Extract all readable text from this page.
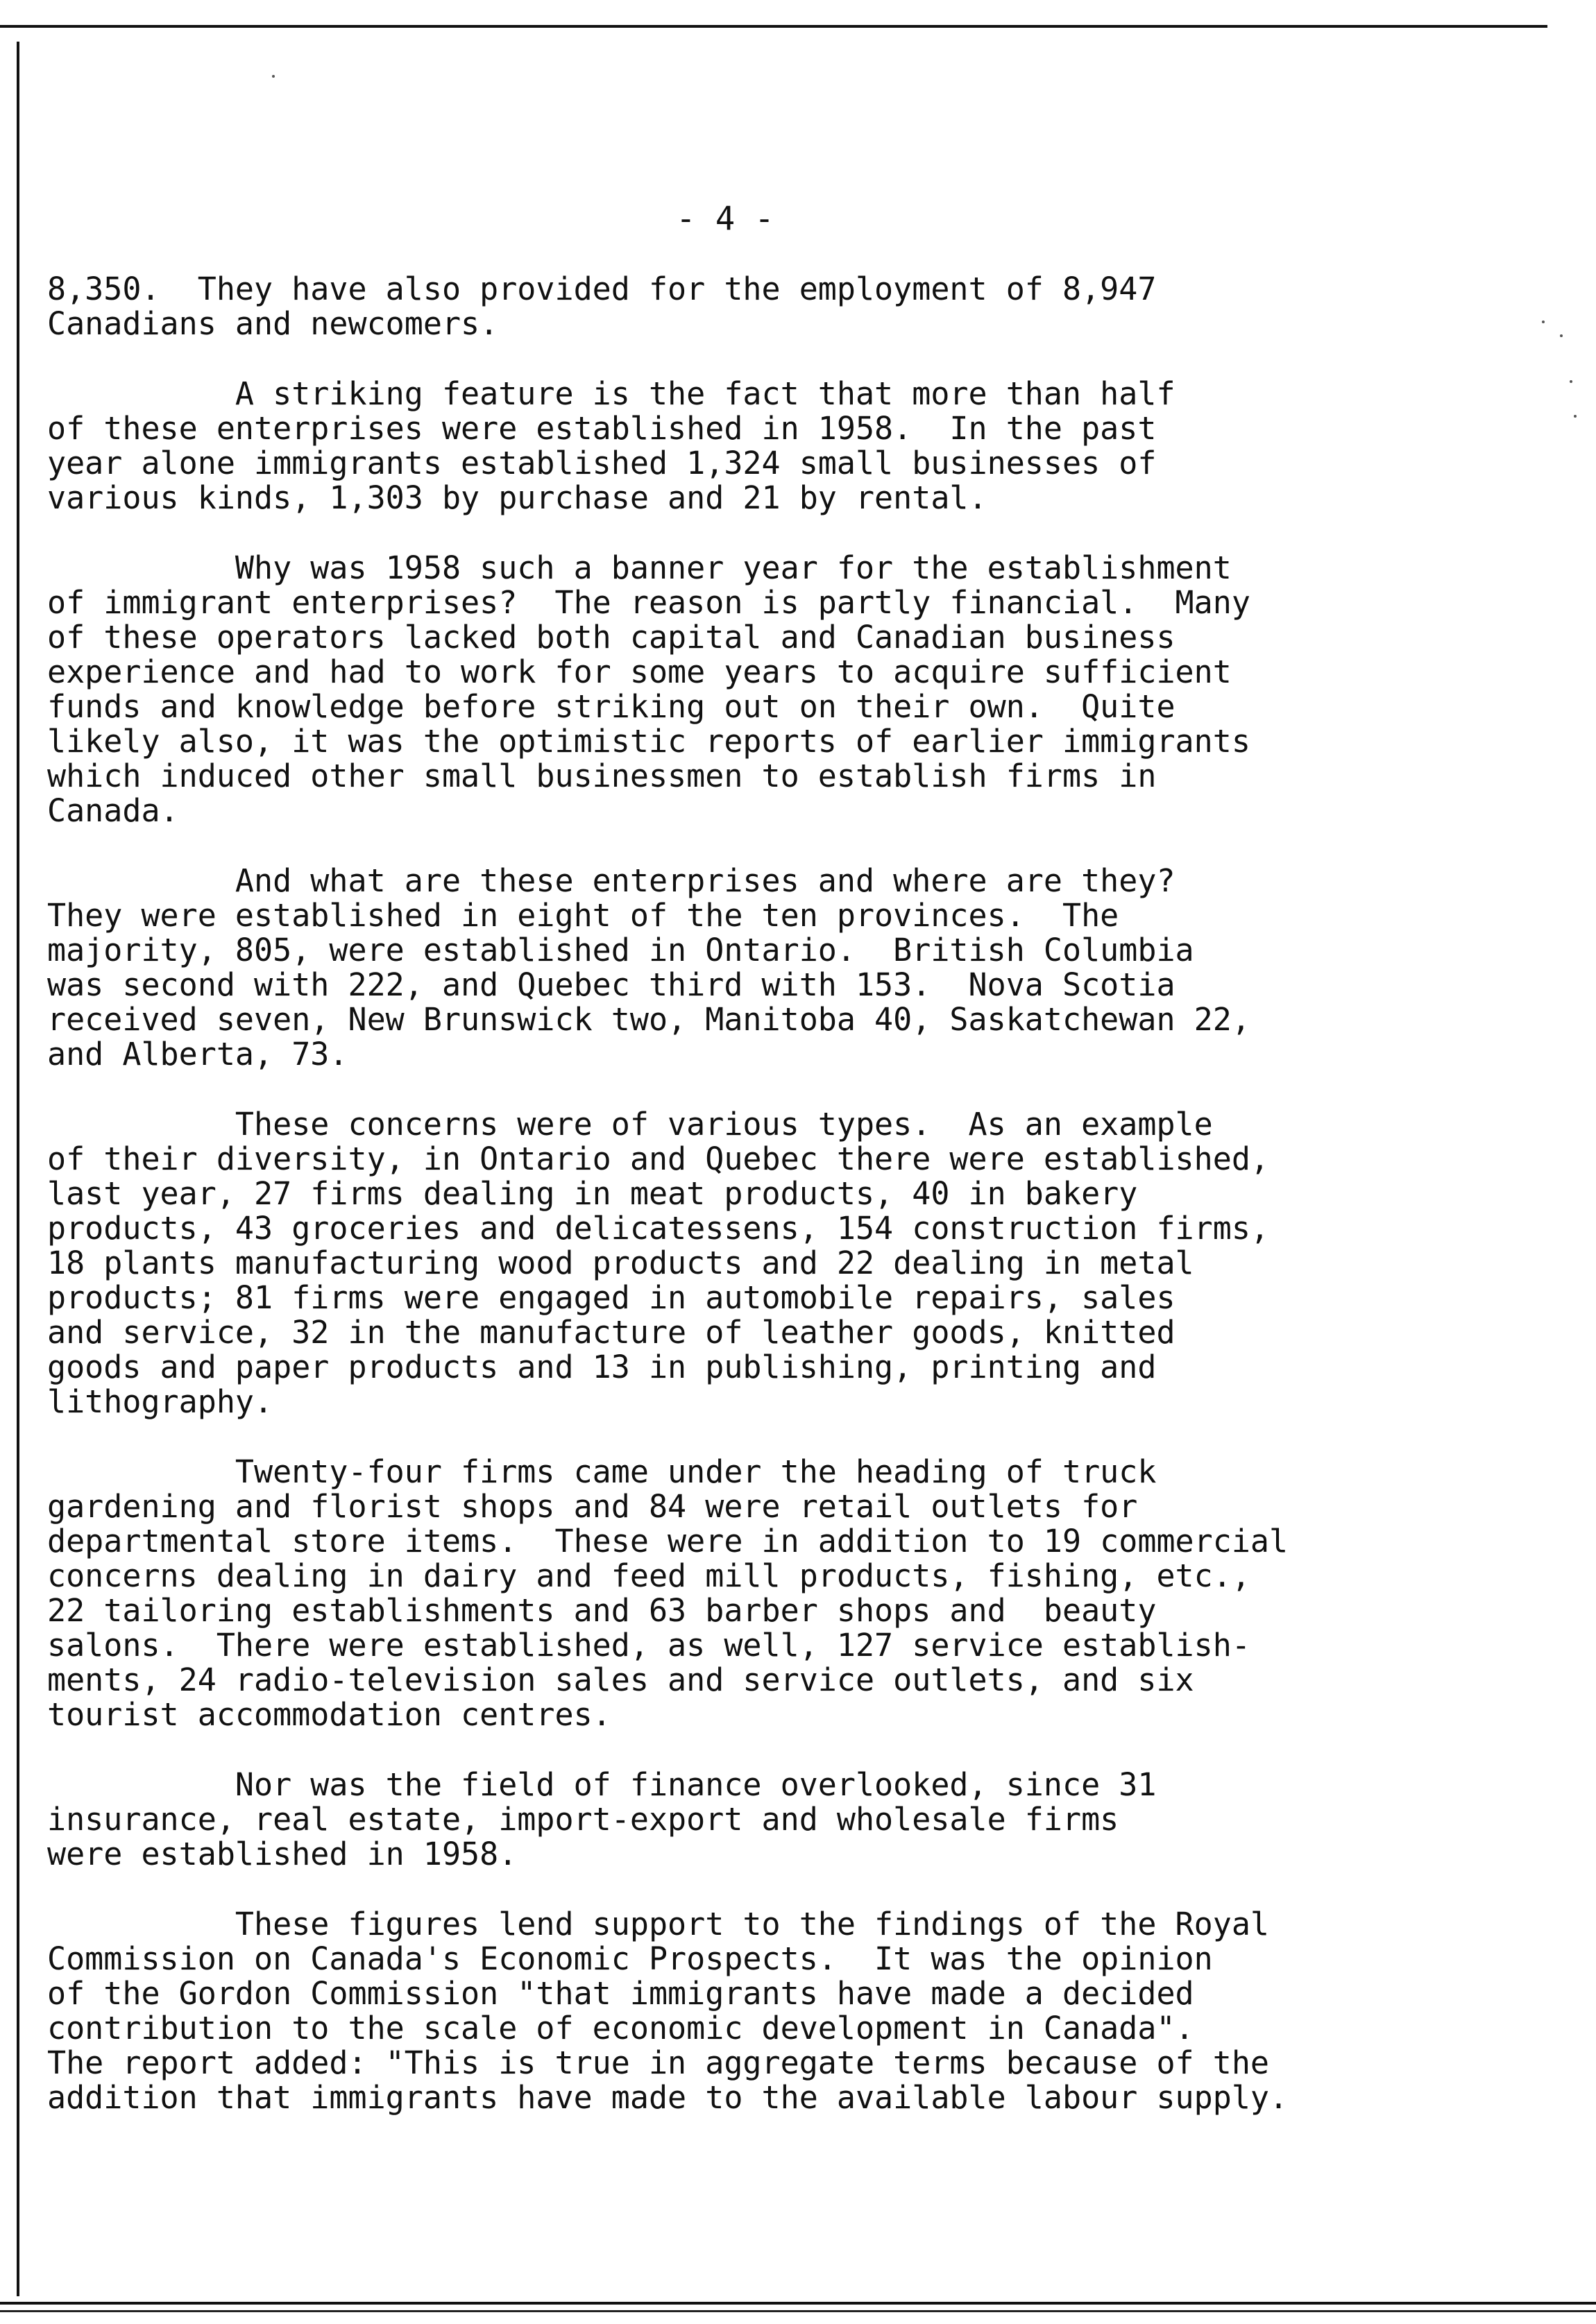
- 4 -
8,350.  They have also provided for the employment of 8,947
Canadians and newcomers.
A striking feature is the fact that more than half
of these enterprises were established in 1958.  In the past
year alone immigrants established 1,324 small businesses of
various kinds, 1,303 by purchase and 21 by rental.
Why was 1958 such a banner year for the establishment
of immigrant enterprises?  The reason is partly financial.  Many
of these operators lacked both capital and Canadian business
experience and had to work for some years to acquire sufficient
funds and knowledge before striking out on their own.  Quite
likely also, it was the optimistic reports of earlier immigrants
which induced other small businessmen to establish firms in
Canada.
And what are these enterprises and where are they?
They were established in eight of the ten provinces.  The
majority, 805, were established in Ontario.  British Columbia
was second with 222, and Quebec third with 153.  Nova Scotia
received seven, New Brunswick two, Manitoba 40, Saskatchewan 22,
and Alberta, 73.
These concerns were of various types.  As an example
of their diversity, in Ontario and Quebec there were established,
last year, 27 firms dealing in meat products, 40 in bakery
products, 43 groceries and delicatessens, 154 construction firms,
18 plants manufacturing wood products and 22 dealing in metal
products; 81 firms were engaged in automobile repairs, sales
and service, 32 in the manufacture of leather goods, knitted
goods and paper products and 13 in publishing, printing and
lithography.
Twenty-four firms came under the heading of truck
gardening and florist shops and 84 were retail outlets for
departmental store items.  These were in addition to 19 commercial
concerns dealing in dairy and feed mill products, fishing, etc.,
22 tailoring establishments and 63 barber shops and  beauty
salons.  There were established, as well, 127 service establish-
ments, 24 radio-television sales and service outlets, and six
tourist accommodation centres.
Nor was the field of finance overlooked, since 31
insurance, real estate, import-export and wholesale firms
were established in 1958.
These figures lend support to the findings of the Royal
Commission on Canada's Economic Prospects.  It was the opinion
of the Gordon Commission "that immigrants have made a decided
contribution to the scale of economic development in Canada".
The report added: "This is true in aggregate terms because of the
addition that immigrants have made to the available labour supply.
